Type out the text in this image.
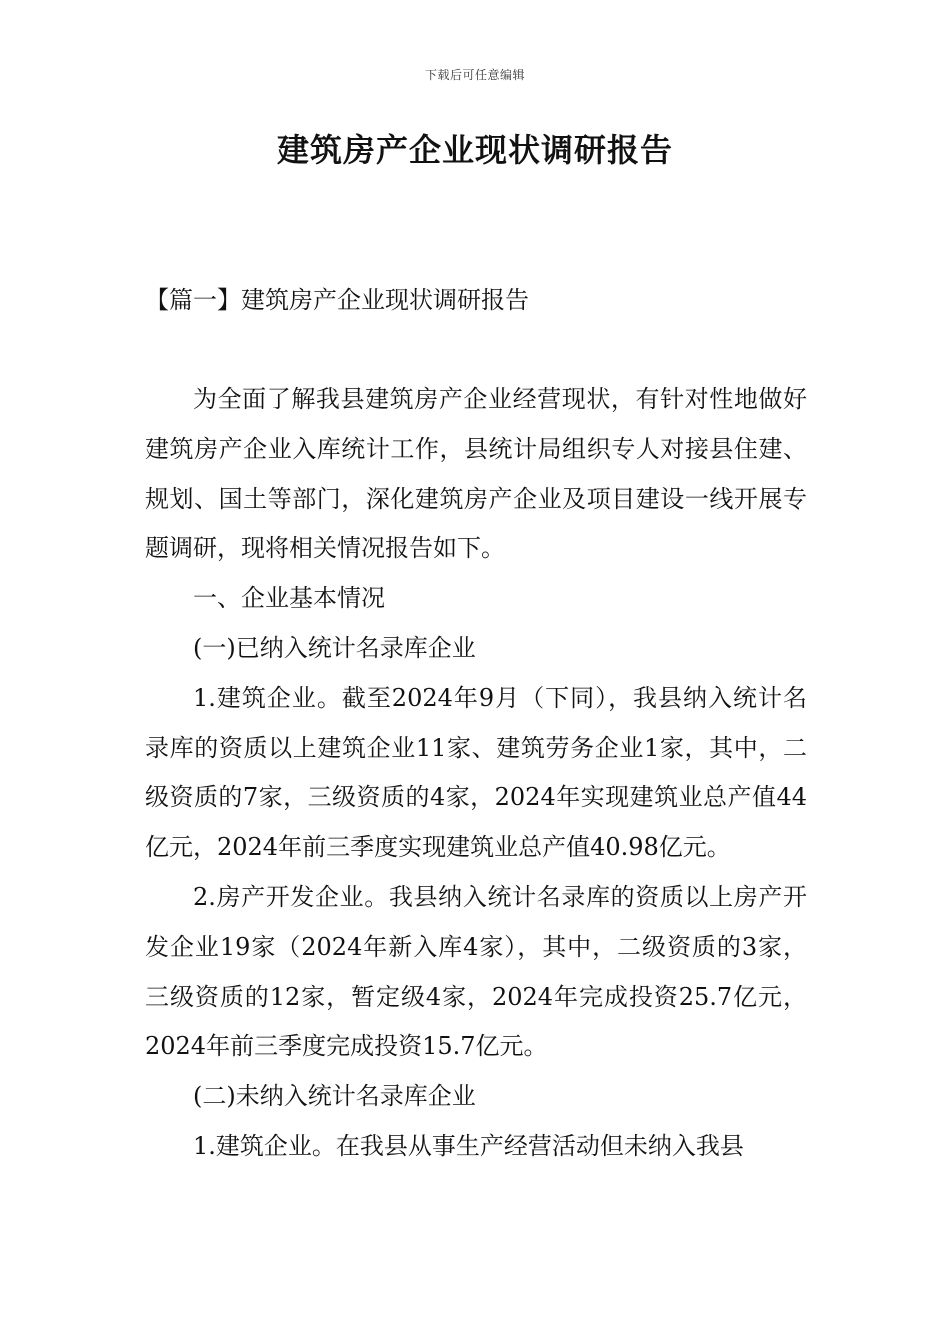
下载后可任意编辑
建筑房产企业现状调研报告
【篇一】建筑房产企业现状调研报告

为全面了解我县建筑房产企业经营现状，有针对性地做好建筑房产企业入库统计工作，县统计局组织专人对接县住建、规划、国土等部门，深化建筑房产企业及项目建设一线开展专题调研，现将相关情况报告如下。

一、企业基本情况

(一)已纳入统计名录库企业

1.建筑企业。截至2024年9月（下同），我县纳入统计名录库的资质以上建筑企业11家、建筑劳务企业1家，其中，二级资质的7家，三级资质的4家，2024年实现建筑业总产值44亿元，2024年前三季度实现建筑业总产值40.98亿元。

2.房产开发企业。我县纳入统计名录库的资质以上房产开发企业19家（2024年新入库4家），其中，二级资质的3家，三级资质的12家，暂定级4家，2024年完成投资25.7亿元，2024年前三季度完成投资15.7亿元。

(二)未纳入统计名录库企业

1.建筑企业。在我县从事生产经营活动但未纳入我县
